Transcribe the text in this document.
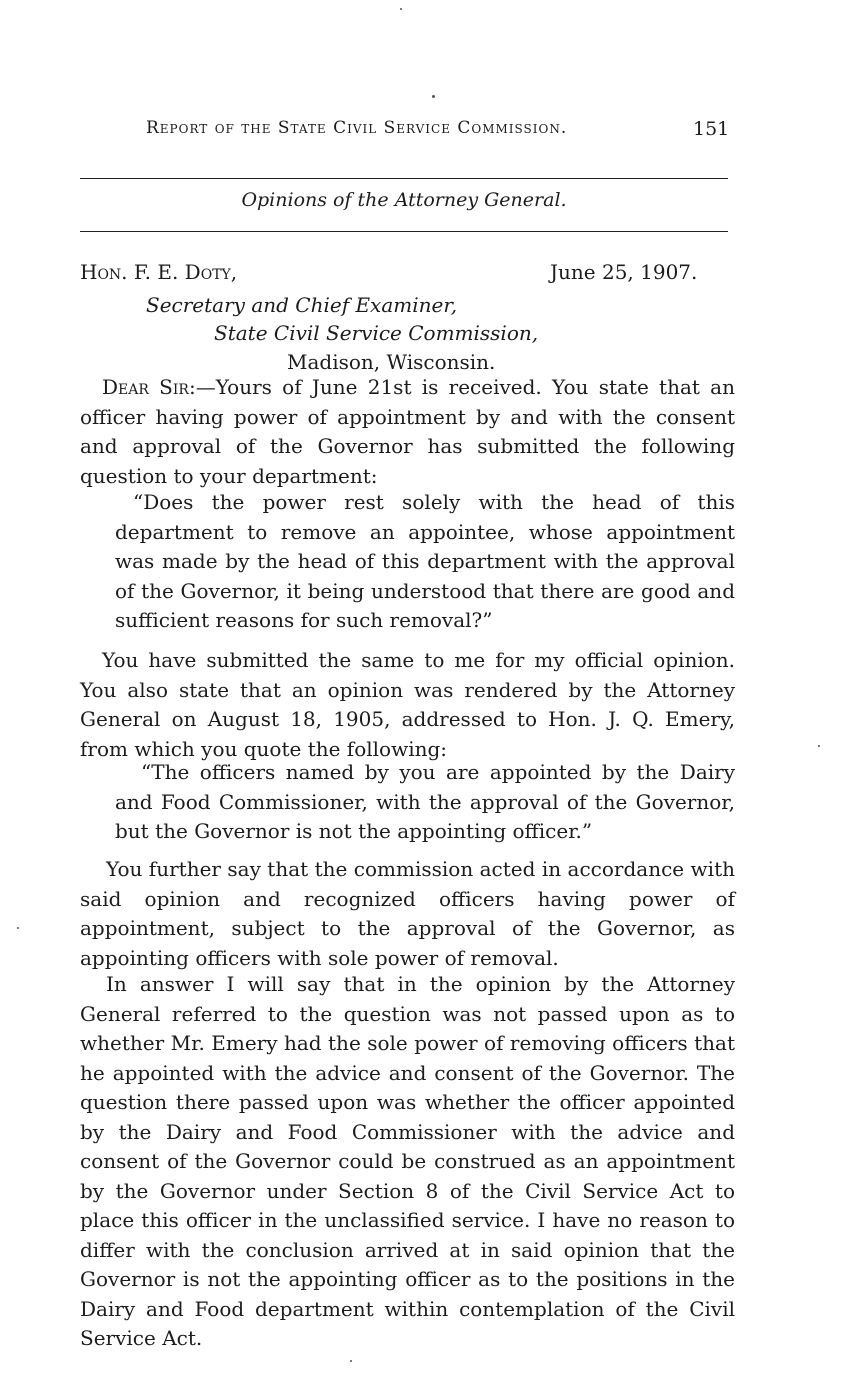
Report of the State Civil Service Commission.	151
Opinions of the Attorney General.
Hon. F. E. Doty,	June 25, 1907.
Secretary and Chief Examiner,
State Civil Service Commission,
Madison, Wisconsin.

Dear Sir:—Yours of June 21st is received. You state that an officer having power of appointment by and with the consent and approval of the Governor has submitted the following question to your department:

“Does the power rest solely with the head of this department to remove an appointee, whose appointment was made by the head of this department with the approval of the Governor, it being understood that there are good and sufficient reasons for such removal?”

You have submitted the same to me for my official opinion. You also state that an opinion was rendered by the Attorney General on August 18, 1905, addressed to Hon. J. Q. Emery, from which you quote the following:

“The officers named by you are appointed by the Dairy and Food Commissioner, with the approval of the Governor, but the Governor is not the appointing officer.”

You further say that the commission acted in accordance with said opinion and recognized officers having power of appointment, subject to the approval of the Governor, as appointing officers with sole power of removal.

In answer I will say that in the opinion by the Attorney General referred to the question was not passed upon as to whether Mr. Emery had the sole power of removing officers that he appointed with the advice and consent of the Governor. The question there passed upon was whether the officer appointed by the Dairy and Food Commissioner with the advice and consent of the Governor could be construed as an appointment by the Governor under Section 8 of the Civil Service Act to place this officer in the unclassified service. I have no reason to differ with the conclusion arrived at in said opinion that the Governor is not the appointing officer as to the positions in the Dairy and Food department within contemplation of the Civil Service Act.
